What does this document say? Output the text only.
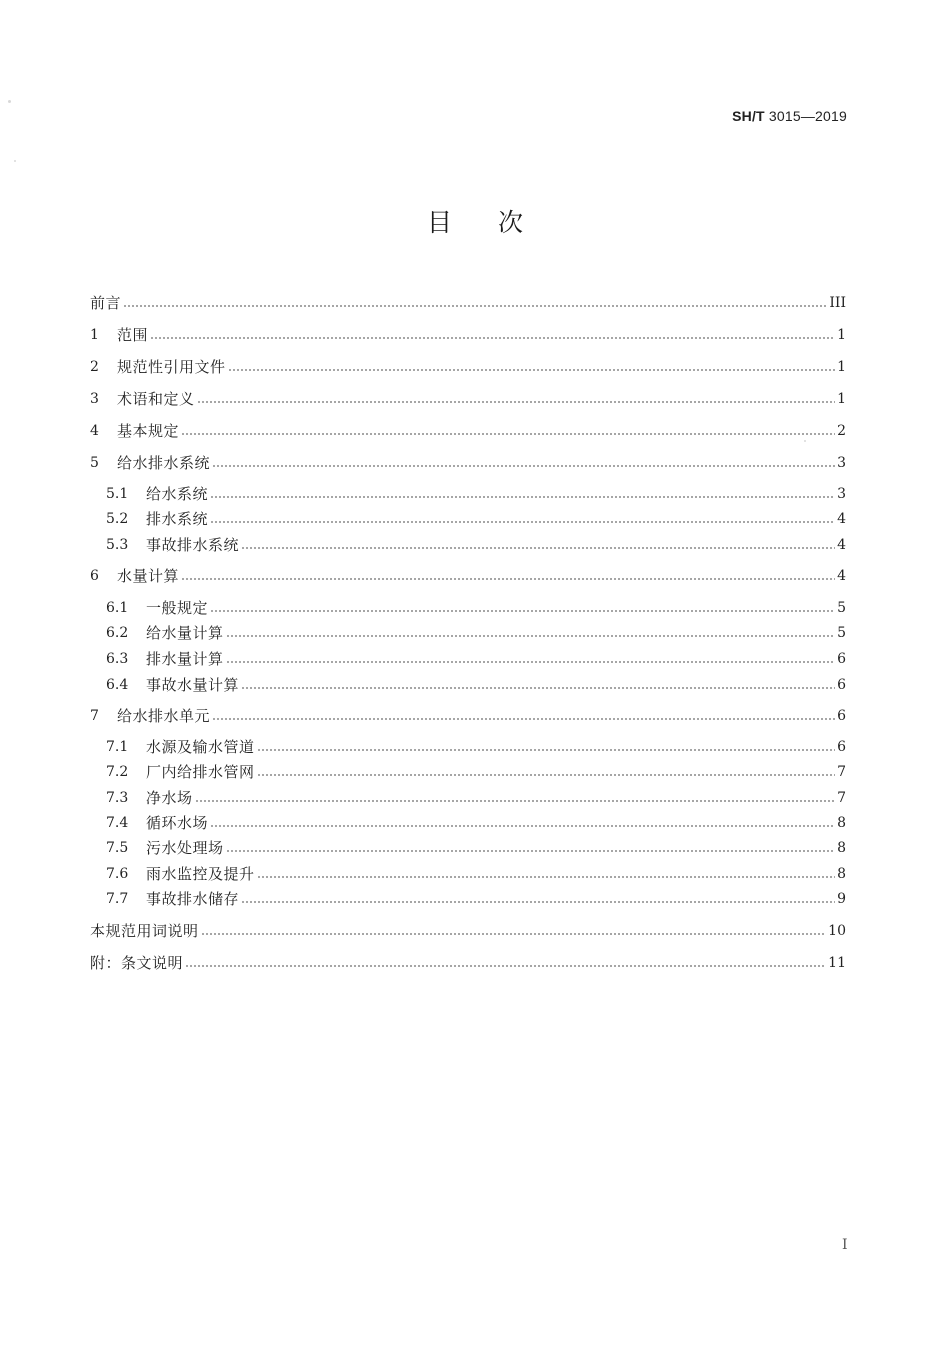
SH/T 3015—2019
目次
前言	III
1	范围	1
2	规范性引用文件	1
3	术语和定义	1
4	基本规定	2
5	给水排水系统	3
5.1	给水系统	3
5.2	排水系统	4
5.3	事故排水系统	4
6	水量计算	4
6.1	一般规定	5
6.2	给水量计算	5
6.3	排水量计算	6
6.4	事故水量计算	6
7	给水排水单元	6
7.1	水源及输水管道	6
7.2	厂内给排水管网	7
7.3	净水场	7
7.4	循环水场	8
7.5	污水处理场	8
7.6	雨水监控及提升	8
7.7	事故排水储存	9
本规范用词说明	10
附：条文说明	11
I
